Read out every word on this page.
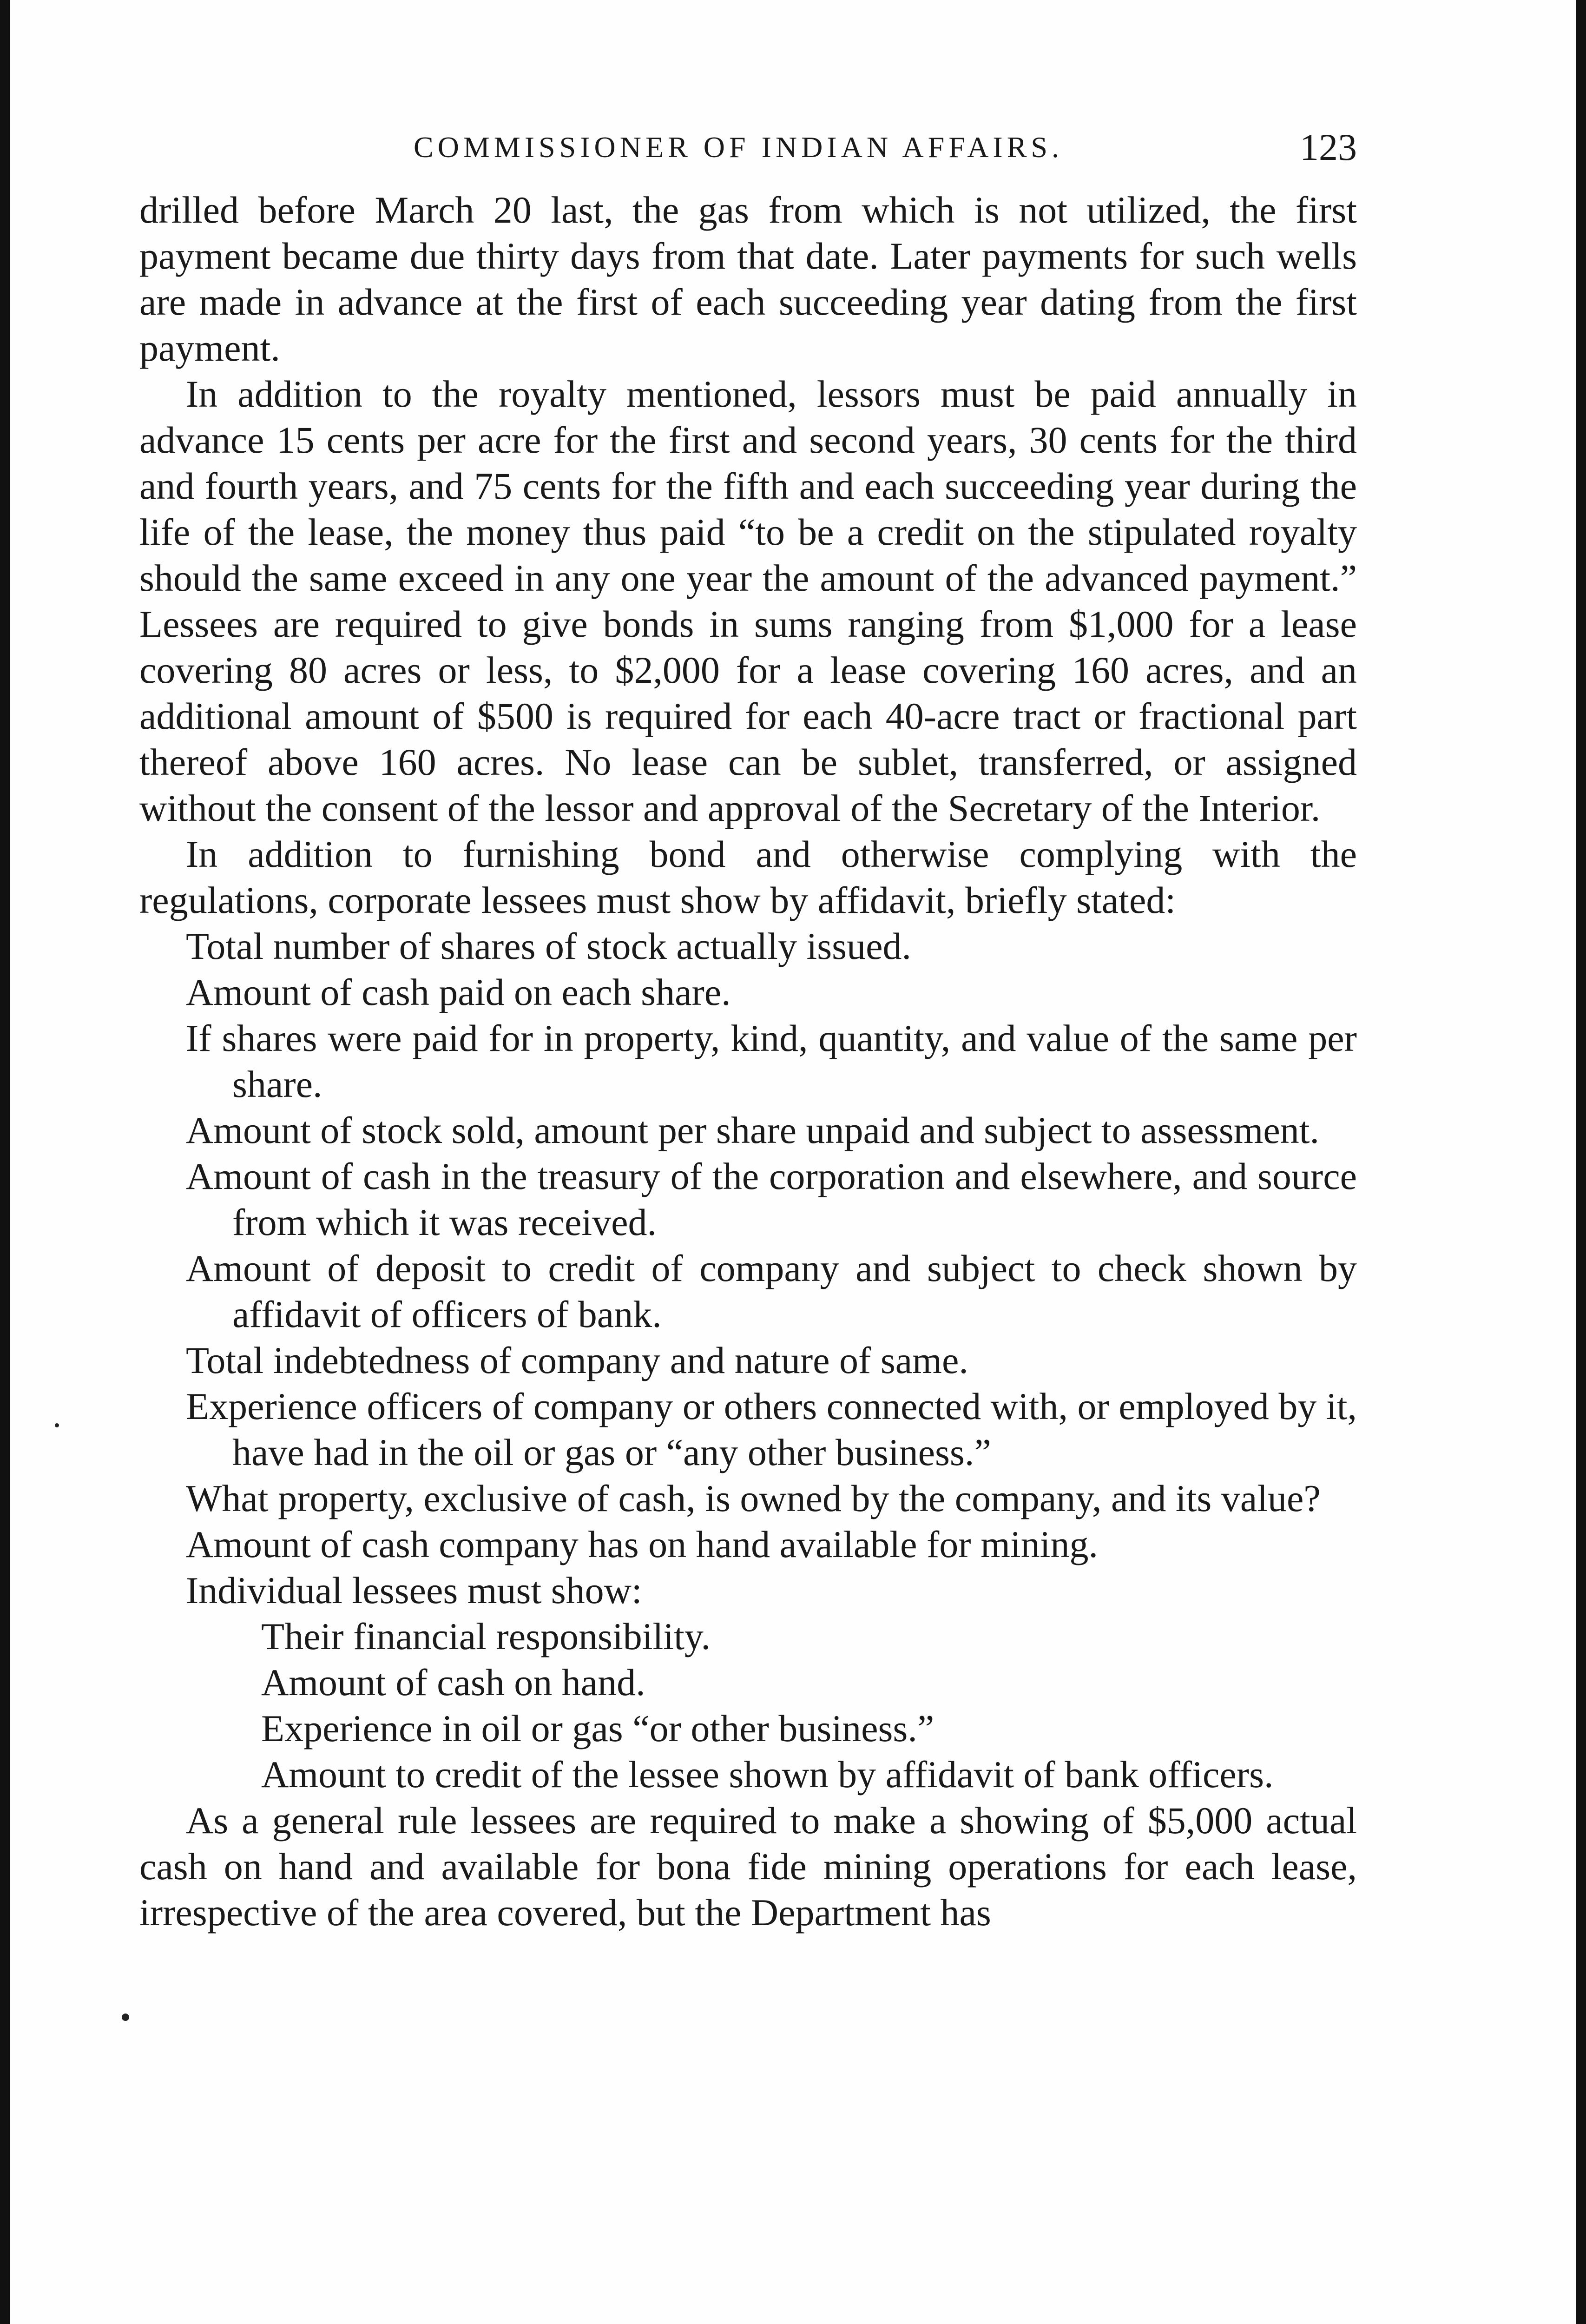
COMMISSIONER OF INDIAN AFFAIRS.	123

drilled before March 20 last, the gas from which is not utilized, the first payment became due thirty days from that date. Later payments for such wells are made in advance at the first of each succeeding year dating from the first payment.

In addition to the royalty mentioned, lessors must be paid annually in advance 15 cents per acre for the first and second years, 30 cents for the third and fourth years, and 75 cents for the fifth and each succeeding year during the life of the lease, the money thus paid “to be a credit on the stipulated royalty should the same exceed in any one year the amount of the advanced payment.” Lessees are required to give bonds in sums ranging from $1,000 for a lease covering 80 acres or less, to $2,000 for a lease covering 160 acres, and an additional amount of $500 is required for each 40-acre tract or fractional part thereof above 160 acres. No lease can be sublet, transferred, or assigned without the consent of the lessor and approval of the Secretary of the Interior.

In addition to furnishing bond and otherwise complying with the regulations, corporate lessees must show by affidavit, briefly stated:

Total number of shares of stock actually issued.
Amount of cash paid on each share.
If shares were paid for in property, kind, quantity, and value of the same per share.
Amount of stock sold, amount per share unpaid and subject to assessment.
Amount of cash in the treasury of the corporation and elsewhere, and source from which it was received.
Amount of deposit to credit of company and subject to check shown by affidavit of officers of bank.
Total indebtedness of company and nature of same.
Experience officers of company or others connected with, or employed by it, have had in the oil or gas or “any other business.”
What property, exclusive of cash, is owned by the company, and its value?
Amount of cash company has on hand available for mining.
Individual lessees must show:
Their financial responsibility.
Amount of cash on hand.
Experience in oil or gas “or other business.”
Amount to credit of the lessee shown by affidavit of bank officers.

As a general rule lessees are required to make a showing of $5,000 actual cash on hand and available for bona fide mining operations for each lease, irrespective of the area covered, but the Department has
